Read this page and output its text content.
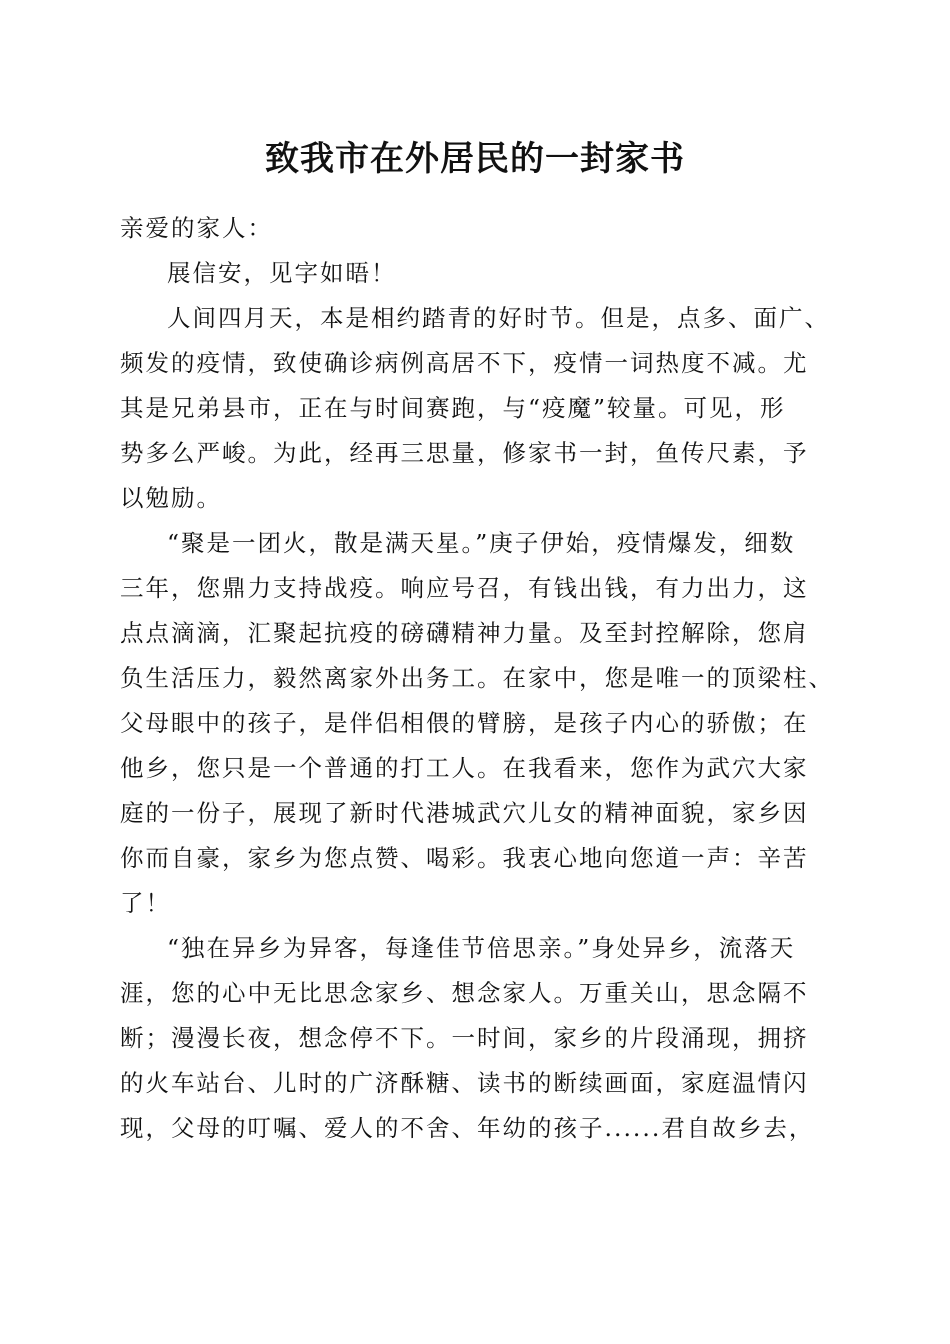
致我市在外居民的一封家书
亲爱的家人：
展信安，见字如晤！
人间四月天，本是相约踏青的好时节。但是，点多、面广、
频发的疫情，致使确诊病例高居不下，疫情一词热度不减。尤
其是兄弟县市，正在与时间赛跑，与“疫魔”较量。可见，形
势多么严峻。为此，经再三思量，修家书一封，鱼传尺素，予
以勉励。
“聚是一团火，散是满天星。”庚子伊始，疫情爆发，细数
三年，您鼎力支持战疫。响应号召，有钱出钱，有力出力，这
点点滴滴，汇聚起抗疫的磅礴精神力量。及至封控解除，您肩
负生活压力，毅然离家外出务工。在家中，您是唯一的顶梁柱、
父母眼中的孩子，是伴侣相偎的臂膀，是孩子内心的骄傲；在
他乡，您只是一个普通的打工人。在我看来，您作为武穴大家
庭的一份子，展现了新时代港城武穴儿女的精神面貌，家乡因
你而自豪，家乡为您点赞、喝彩。我衷心地向您道一声：辛苦
了！
“独在异乡为异客，每逢佳节倍思亲。”身处异乡，流落天
涯，您的心中无比思念家乡、想念家人。万重关山，思念隔不
断；漫漫长夜，想念停不下。一时间，家乡的片段涌现，拥挤
的火车站台、儿时的广济酥糖、读书的断续画面，家庭温情闪
现，父母的叮嘱、爱人的不舍、年幼的孩子......君自故乡去，
